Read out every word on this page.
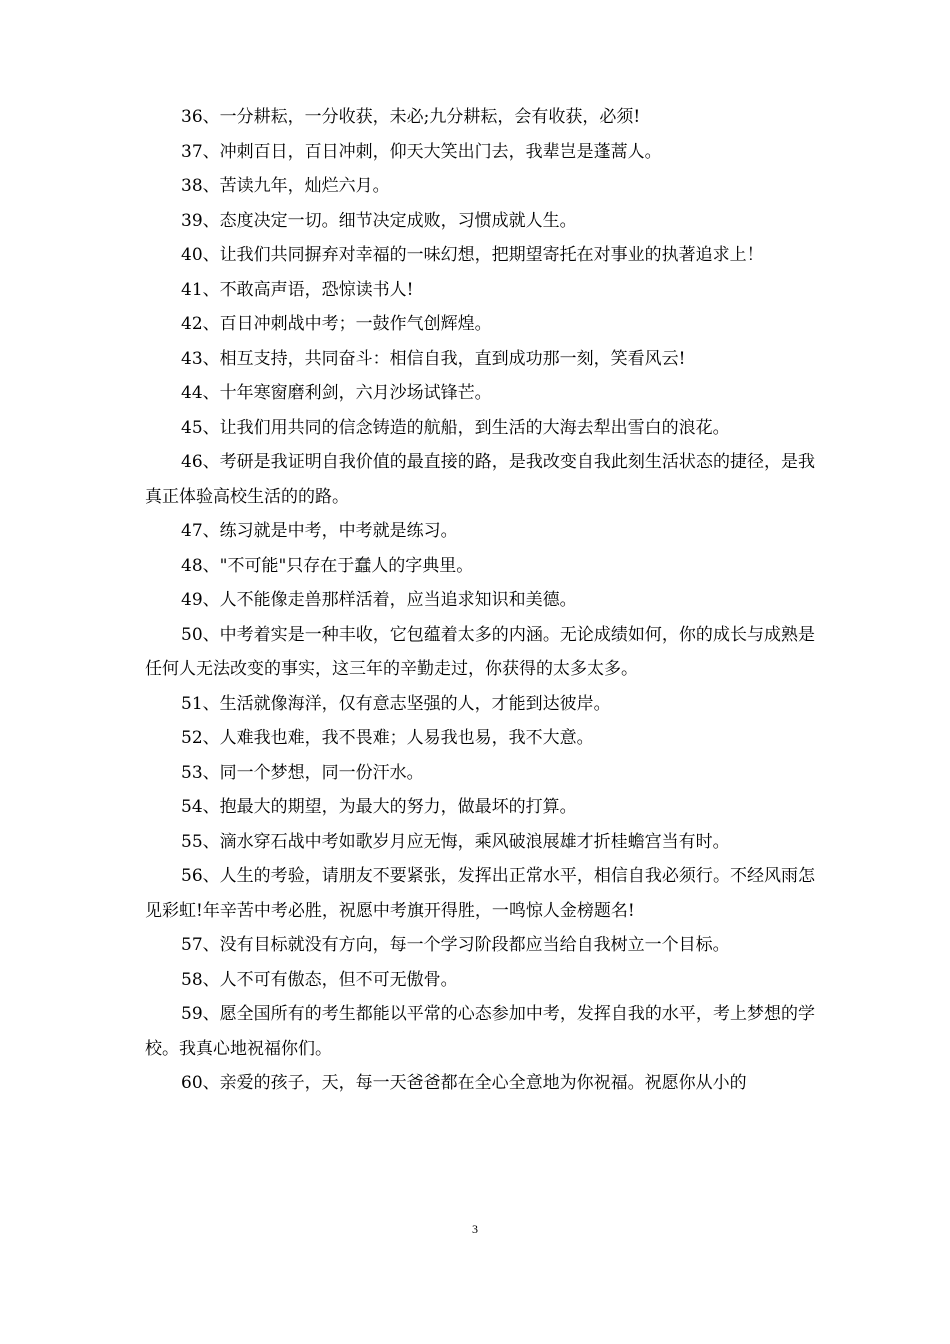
36、一分耕耘，一分收获，未必;九分耕耘，会有收获，必须!

37、冲刺百日，百日冲刺，仰天大笑出门去，我辈岂是蓬蒿人。

38、苦读九年，灿烂六月。

39、态度决定一切。细节决定成败，习惯成就人生。

40、让我们共同摒弃对幸福的一味幻想，把期望寄托在对事业的执著追求上！

41、不敢高声语，恐惊读书人!

42、百日冲刺战中考；一鼓作气创辉煌。

43、相互支持，共同奋斗：相信自我，直到成功那一刻，笑看风云!

44、十年寒窗磨利剑，六月沙场试锋芒。

45、让我们用共同的信念铸造的航船，到生活的大海去犁出雪白的浪花。

46、考研是我证明自我价值的最直接的路，是我改变自我此刻生活状态的捷径，是我真正体验高校生活的的路。

47、练习就是中考，中考就是练习。

48、"不可能"只存在于蠢人的字典里。

49、人不能像走兽那样活着，应当追求知识和美德。

50、中考着实是一种丰收，它包蕴着太多的内涵。无论成绩如何，你的成长与成熟是任何人无法改变的事实，这三年的辛勤走过，你获得的太多太多。

51、生活就像海洋，仅有意志坚强的人，才能到达彼岸。

52、人难我也难，我不畏难；人易我也易，我不大意。

53、同一个梦想，同一份汗水。

54、抱最大的期望，为最大的努力，做最坏的打算。

55、滴水穿石战中考如歌岁月应无悔，乘风破浪展雄才折桂蟾宫当有时。

56、人生的考验，请朋友不要紧张，发挥出正常水平，相信自我必须行。不经风雨怎见彩虹!年辛苦中考必胜，祝愿中考旗开得胜，一鸣惊人金榜题名!

57、没有目标就没有方向，每一个学习阶段都应当给自我树立一个目标。

58、人不可有傲态，但不可无傲骨。

59、愿全国所有的考生都能以平常的心态参加中考，发挥自我的水平，考上梦想的学校。我真心地祝福你们。

60、亲爱的孩子，天，每一天爸爸都在全心全意地为你祝福。祝愿你从小的

3
